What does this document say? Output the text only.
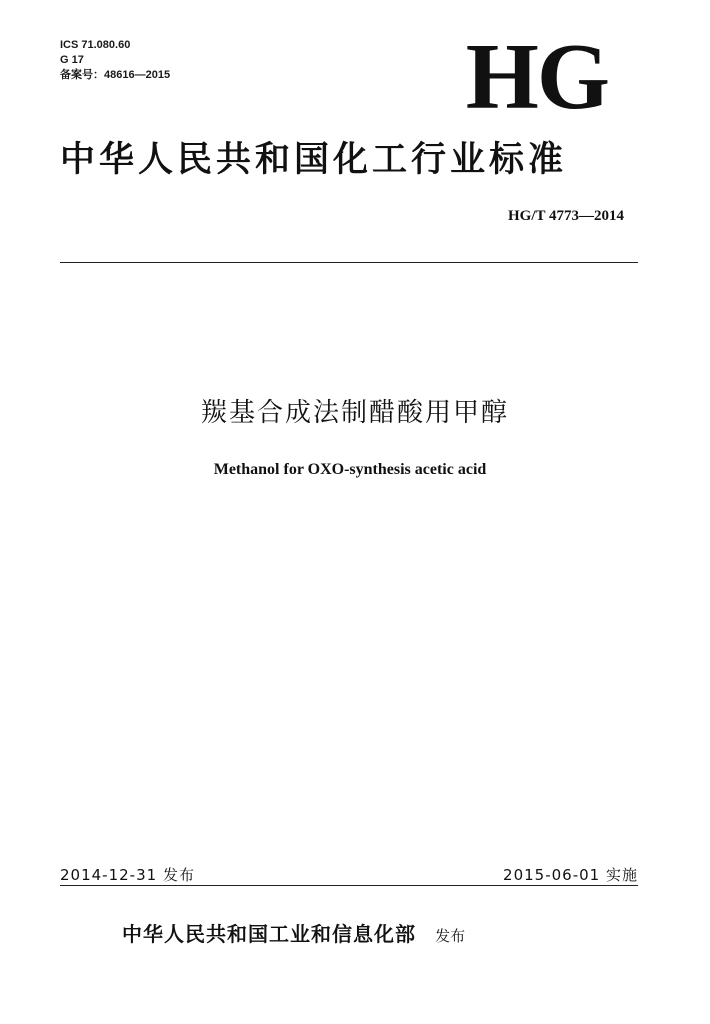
ICS 71.080.60
G 17
备案号：48616—2015	HG
中华人民共和国化工行业标准
HG/T 4773—2014
羰基合成法制醋酸用甲醇
Methanol for OXO-synthesis acetic acid
2014-12-31 发布	2015-06-01 实施
中华人民共和国工业和信息化部 发布
